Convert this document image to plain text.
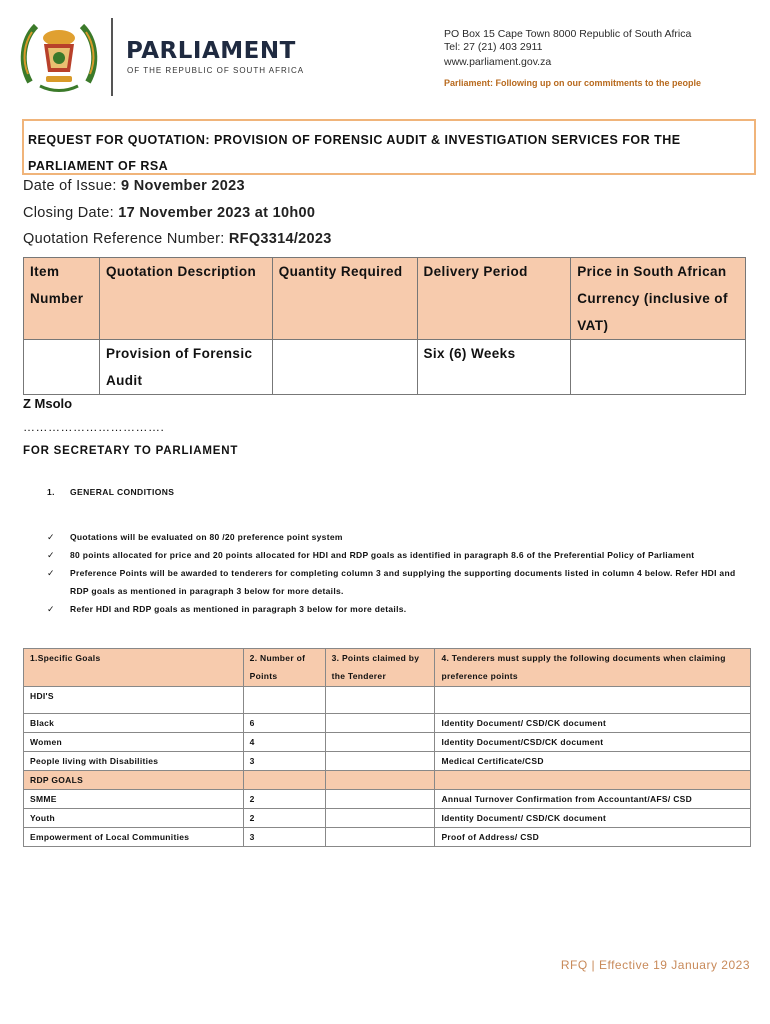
PARLIAMENT
OF THE REPUBLIC OF SOUTH AFRICA
PO Box 15 Cape Town 8000 Republic of South Africa
Tel: 27 (21) 403 2911
www.parliament.gov.za
Parliament: Following up on our commitments to the people
REQUEST FOR QUOTATION: PROVISION OF FORENSIC AUDIT & INVESTIGATION SERVICES FOR THE
PARLIAMENT OF RSA
Date of Issue: 9 November 2023
Closing Date: 17 November 2023 at 10h00
Quotation Reference Number: RFQ3314/2023
Item Number	Quotation Description	Quantity Required	Delivery Period	Price in South African Currency (inclusive of VAT)
	Provision of Forensic Audit		Six (6) Weeks	
Z Msolo
…………………………….
FOR SECRETARY TO PARLIAMENT
1. GENERAL CONDITIONS
✓ Quotations will be evaluated on 80 /20 preference point system
✓ 80 points allocated for price and 20 points allocated for HDI and RDP goals as identified in paragraph 8.6 of the Preferential Policy of Parliament
✓ Preference Points will be awarded to tenderers for completing column 3 and supplying the supporting documents listed in column 4 below. Refer HDI and RDP goals as mentioned in paragraph 3 below for more details.
✓ Refer HDI and RDP goals as mentioned in paragraph 3 below for more details.
1.Specific Goals	2. Number of Points	3. Points claimed by the Tenderer	4. Tenderers must supply the following documents when claiming preference points
HDI'S			
Black	6		Identity Document/ CSD/CK document
Women	4		Identity Document/CSD/CK document
People living with Disabilities	3		Medical Certificate/CSD
RDP GOALS			
SMME	2		Annual Turnover Confirmation from Accountant/AFS/ CSD
Youth	2		Identity Document/ CSD/CK document
Empowerment of Local Communities	3		Proof of Address/ CSD
RFQ | Effective 19 January 2023
